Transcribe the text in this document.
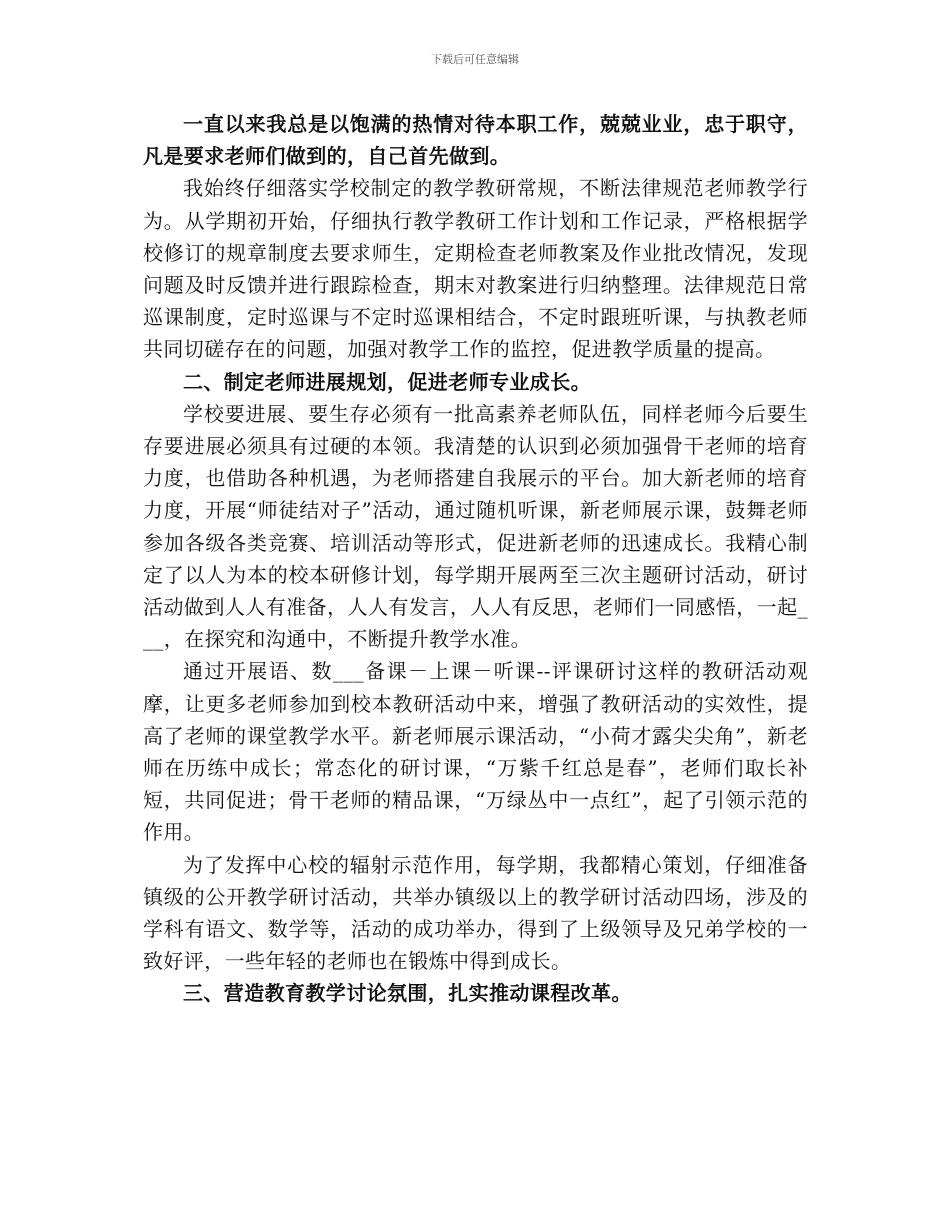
下载后可任意编辑

一直以来我总是以饱满的热情对待本职工作，兢兢业业，忠于职守，凡是要求老师们做到的，自己首先做到。

我始终仔细落实学校制定的教学教研常规，不断法律规范老师教学行为。从学期初开始，仔细执行教学教研工作计划和工作记录，严格根据学校修订的规章制度去要求师生，定期检查老师教案及作业批改情况，发现问题及时反馈并进行跟踪检查，期末对教案进行归纳整理。法律规范日常巡课制度，定时巡课与不定时巡课相结合，不定时跟班听课，与执教老师共同切磋存在的问题，加强对教学工作的监控，促进教学质量的提高。

二、制定老师进展规划，促进老师专业成长。

学校要进展、要生存必须有一批高素养老师队伍，同样老师今后要生存要进展必须具有过硬的本领。我清楚的认识到必须加强骨干老师的培育力度，也借助各种机遇，为老师搭建自我展示的平台。加大新老师的培育力度，开展“师徒结对子”活动，通过随机听课，新老师展示课，鼓舞老师参加各级各类竞赛、培训活动等形式，促进新老师的迅速成长。我精心制定了以人为本的校本研修计划，每学期开展两至三次主题研讨活动，研讨活动做到人人有准备，人人有发言，人人有反思，老师们一同感悟，一起___，在探究和沟通中，不断提升教学水准。

通过开展语、数___备课－上课－听课--评课研讨这样的教研活动观摩，让更多老师参加到校本教研活动中来，增强了教研活动的实效性，提高了老师的课堂教学水平。新老师展示课活动，“小荷才露尖尖角”，新老师在历练中成长；常态化的研讨课，“万紫千红总是春”，老师们取长补短，共同促进；骨干老师的精品课，“万绿丛中一点红”，起了引领示范的作用。

为了发挥中心校的辐射示范作用，每学期，我都精心策划，仔细准备镇级的公开教学研讨活动，共举办镇级以上的教学研讨活动四场，涉及的学科有语文、数学等，活动的成功举办，得到了上级领导及兄弟学校的一致好评，一些年轻的老师也在锻炼中得到成长。

三、营造教育教学讨论氛围，扎实推动课程改革。
